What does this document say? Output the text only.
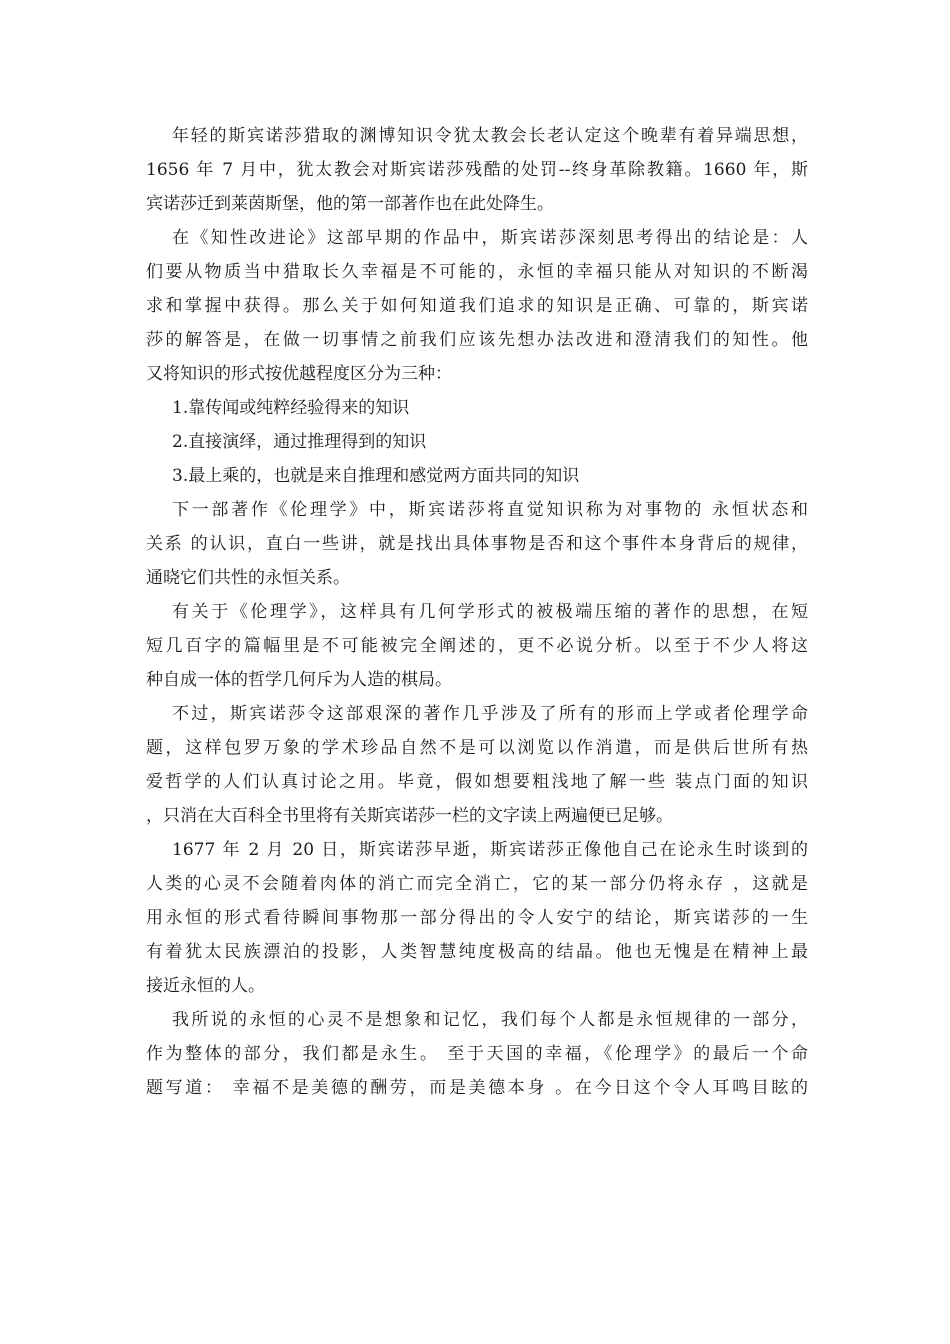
年轻的斯宾诺莎猎取的渊博知识令犹太教会长老认定这个晚辈有着异端思想，
1656 年 7 月中，犹太教会对斯宾诺莎残酷的处罚--终身革除教籍。1660 年，斯
宾诺莎迁到莱茵斯堡，他的第一部著作也在此处降生。
在《知性改进论》这部早期的作品中，斯宾诺莎深刻思考得出的结论是：人
们要从物质当中猎取长久幸福是不可能的，永恒的幸福只能从对知识的不断渴
求和掌握中获得。那么关于如何知道我们追求的知识是正确、可靠的，斯宾诺
莎的解答是，在做一切事情之前我们应该先想办法改进和澄清我们的知性。他
又将知识的形式按优越程度区分为三种：
1.靠传闻或纯粹经验得来的知识
2.直接演绎，通过推理得到的知识
3.最上乘的，也就是来自推理和感觉两方面共同的知识
下一部著作《伦理学》中，斯宾诺莎将直觉知识称为对事物的 永恒状态和
关系 的认识，直白一些讲，就是找出具体事物是否和这个事件本身背后的规律，
通晓它们共性的永恒关系。
有关于《伦理学》，这样具有几何学形式的被极端压缩的著作的思想，在短
短几百字的篇幅里是不可能被完全阐述的，更不必说分析。以至于不少人将这
种自成一体的哲学几何斥为人造的棋局。
不过，斯宾诺莎令这部艰深的著作几乎涉及了所有的形而上学或者伦理学命
题，这样包罗万象的学术珍品自然不是可以浏览以作消遣，而是供后世所有热
爱哲学的人们认真讨论之用。毕竟，假如想要粗浅地了解一些 装点门面的知识
，只消在大百科全书里将有关斯宾诺莎一栏的文字读上两遍便已足够。
1677 年 2 月 20 日，斯宾诺莎早逝，斯宾诺莎正像他自己在论永生时谈到的
人类的心灵不会随着肉体的消亡而完全消亡，它的某一部分仍将永存 ，这就是
用永恒的形式看待瞬间事物那一部分得出的令人安宁的结论，斯宾诺莎的一生
有着犹太民族漂泊的投影，人类智慧纯度极高的结晶。他也无愧是在精神上最
接近永恒的人。
我所说的永恒的心灵不是想象和记忆，我们每个人都是永恒规律的一部分，
作为整体的部分，我们都是永生。 至于天国的幸福，《伦理学》的最后一个命
题写道： 幸福不是美德的酬劳，而是美德本身 。在今日这个令人耳鸣目眩的
